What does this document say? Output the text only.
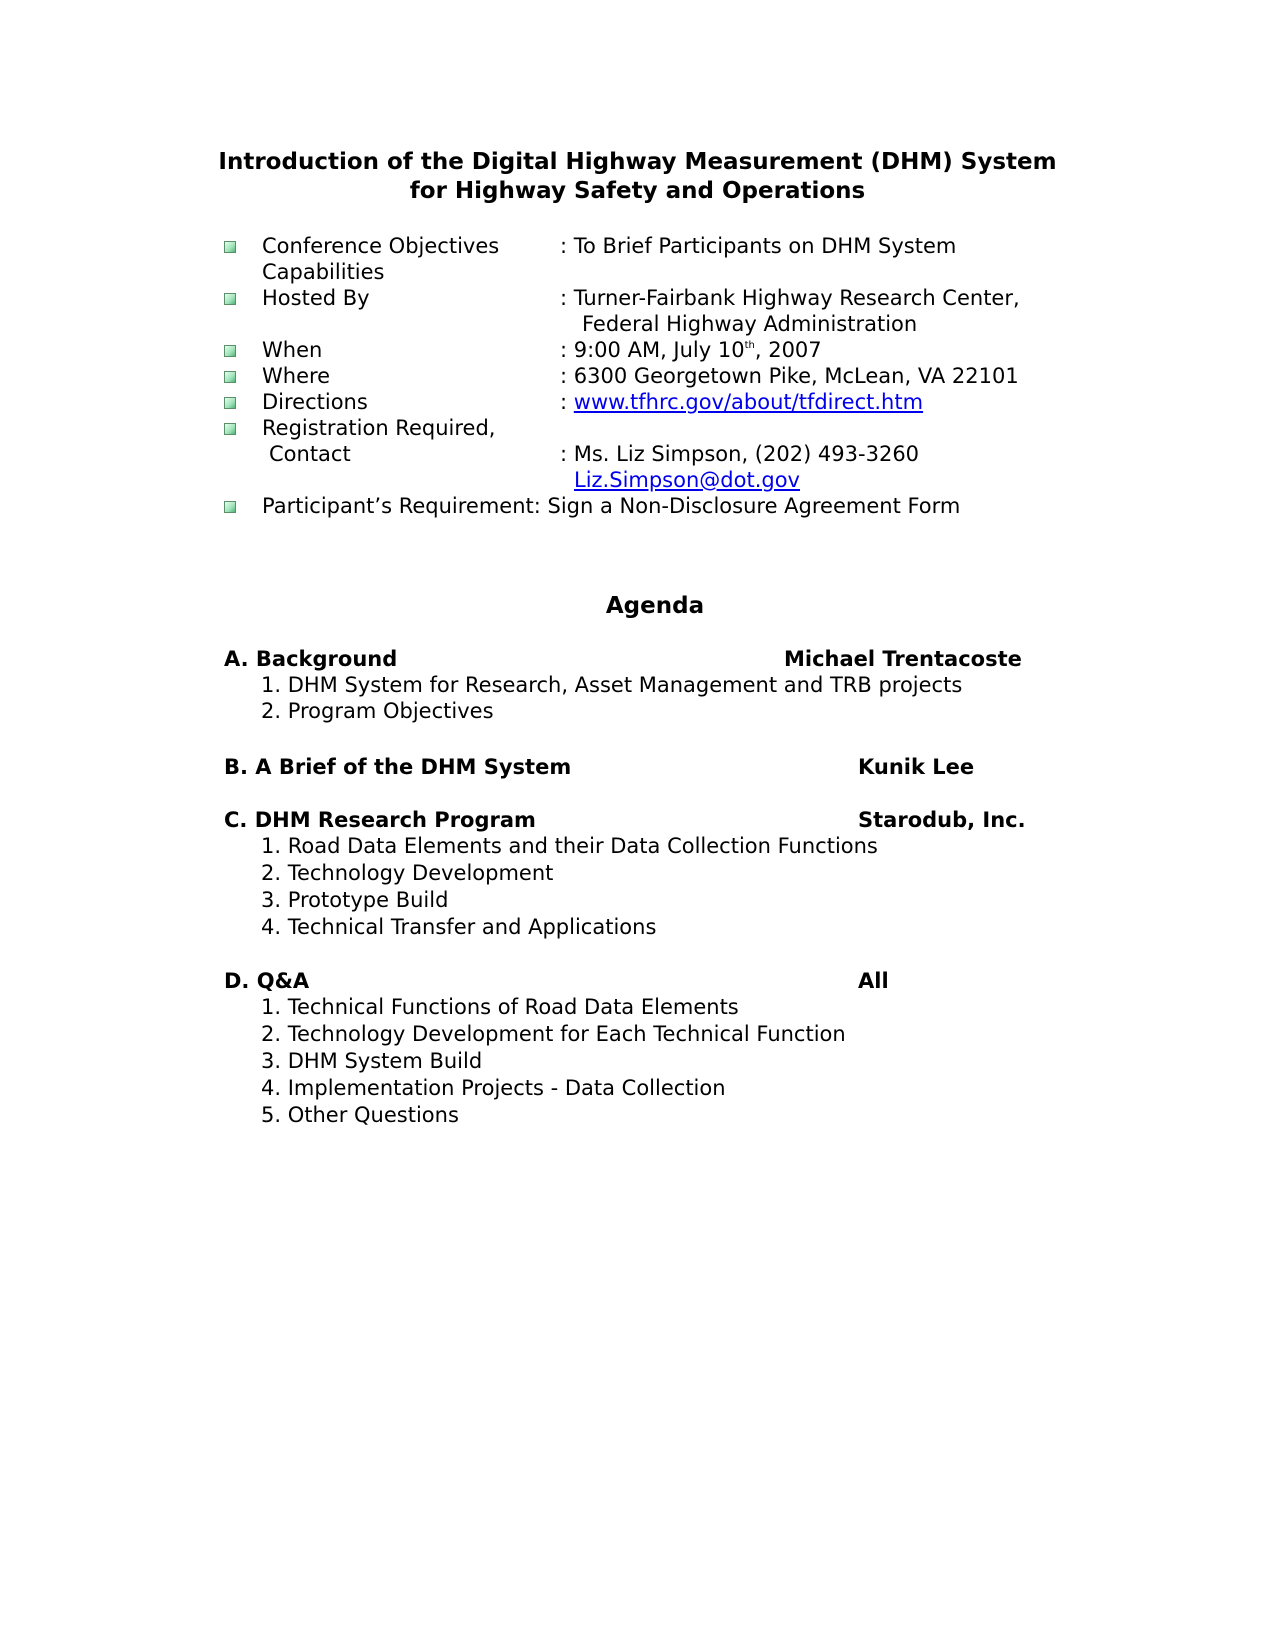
Introduction of the Digital Highway Measurement (DHM) System
for Highway Safety and Operations
Conference Objectives	: To Brief Participants on DHM System
Capabilities
Hosted By	: Turner-Fairbank Highway Research Center,
Federal Highway Administration
When	: 9:00 AM, July 10th, 2007
Where	: 6300 Georgetown Pike, McLean, VA 22101
Directions	: www.tfhrc.gov/about/tfdirect.htm
Registration Required,
Contact	: Ms. Liz Simpson, (202) 493-3260
Liz.Simpson@dot.gov
Participant’s Requirement: Sign a Non-Disclosure Agreement Form
Agenda
A. Background	Michael Trentacoste
1. DHM System for Research, Asset Management and TRB projects
2. Program Objectives
B. A Brief of the DHM System	Kunik Lee
C. DHM Research Program	Starodub, Inc.
1. Road Data Elements and their Data Collection Functions
2. Technology Development
3. Prototype Build
4. Technical Transfer and Applications
D. Q&A	All
1. Technical Functions of Road Data Elements
2. Technology Development for Each Technical Function
3. DHM System Build
4. Implementation Projects - Data Collection
5. Other Questions
